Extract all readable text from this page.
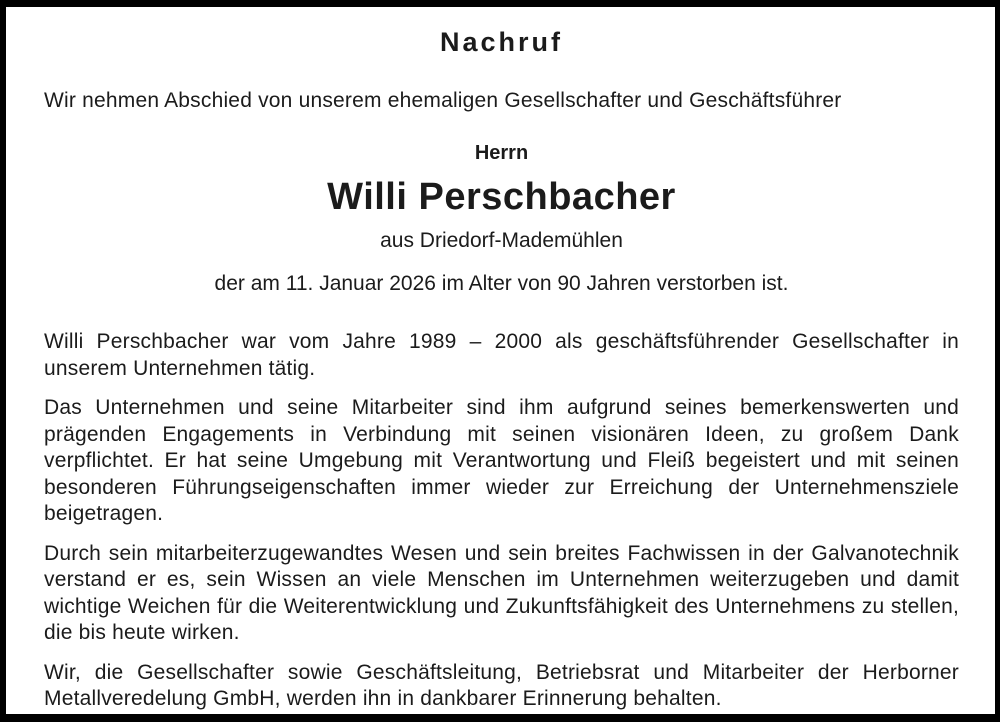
Nachruf

Wir nehmen Abschied von unserem ehemaligen Gesellschafter und Geschäftsführer

Herrn

Willi Perschbacher

aus Driedorf-Mademühlen

der am 11. Januar 2026 im Alter von 90 Jahren verstorben ist.

Willi Perschbacher war vom Jahre 1989 – 2000 als geschäftsführender Gesellschafter in unserem Unternehmen tätig.

Das Unternehmen und seine Mitarbeiter sind ihm aufgrund seines bemerkenswerten und prägenden Engagements in Verbindung mit seinen visionären Ideen, zu großem Dank verpflichtet. Er hat seine Umgebung mit Verantwortung und Fleiß begeistert und mit seinen besonderen Führungseigenschaften immer wieder zur Erreichung der Unternehmensziele beigetragen.

Durch sein mitarbeiterzugewandtes Wesen und sein breites Fachwissen in der Galvanotechnik verstand er es, sein Wissen an viele Menschen im Unternehmen weiterzugeben und damit wichtige Weichen für die Weiterentwicklung und Zukunftsfähigkeit des Unternehmens zu stellen, die bis heute wirken.

Wir, die Gesellschafter sowie Geschäftsleitung, Betriebsrat und Mitarbeiter der Herborner Metallveredelung GmbH, werden ihn in dankbarer Erinnerung behalten.
